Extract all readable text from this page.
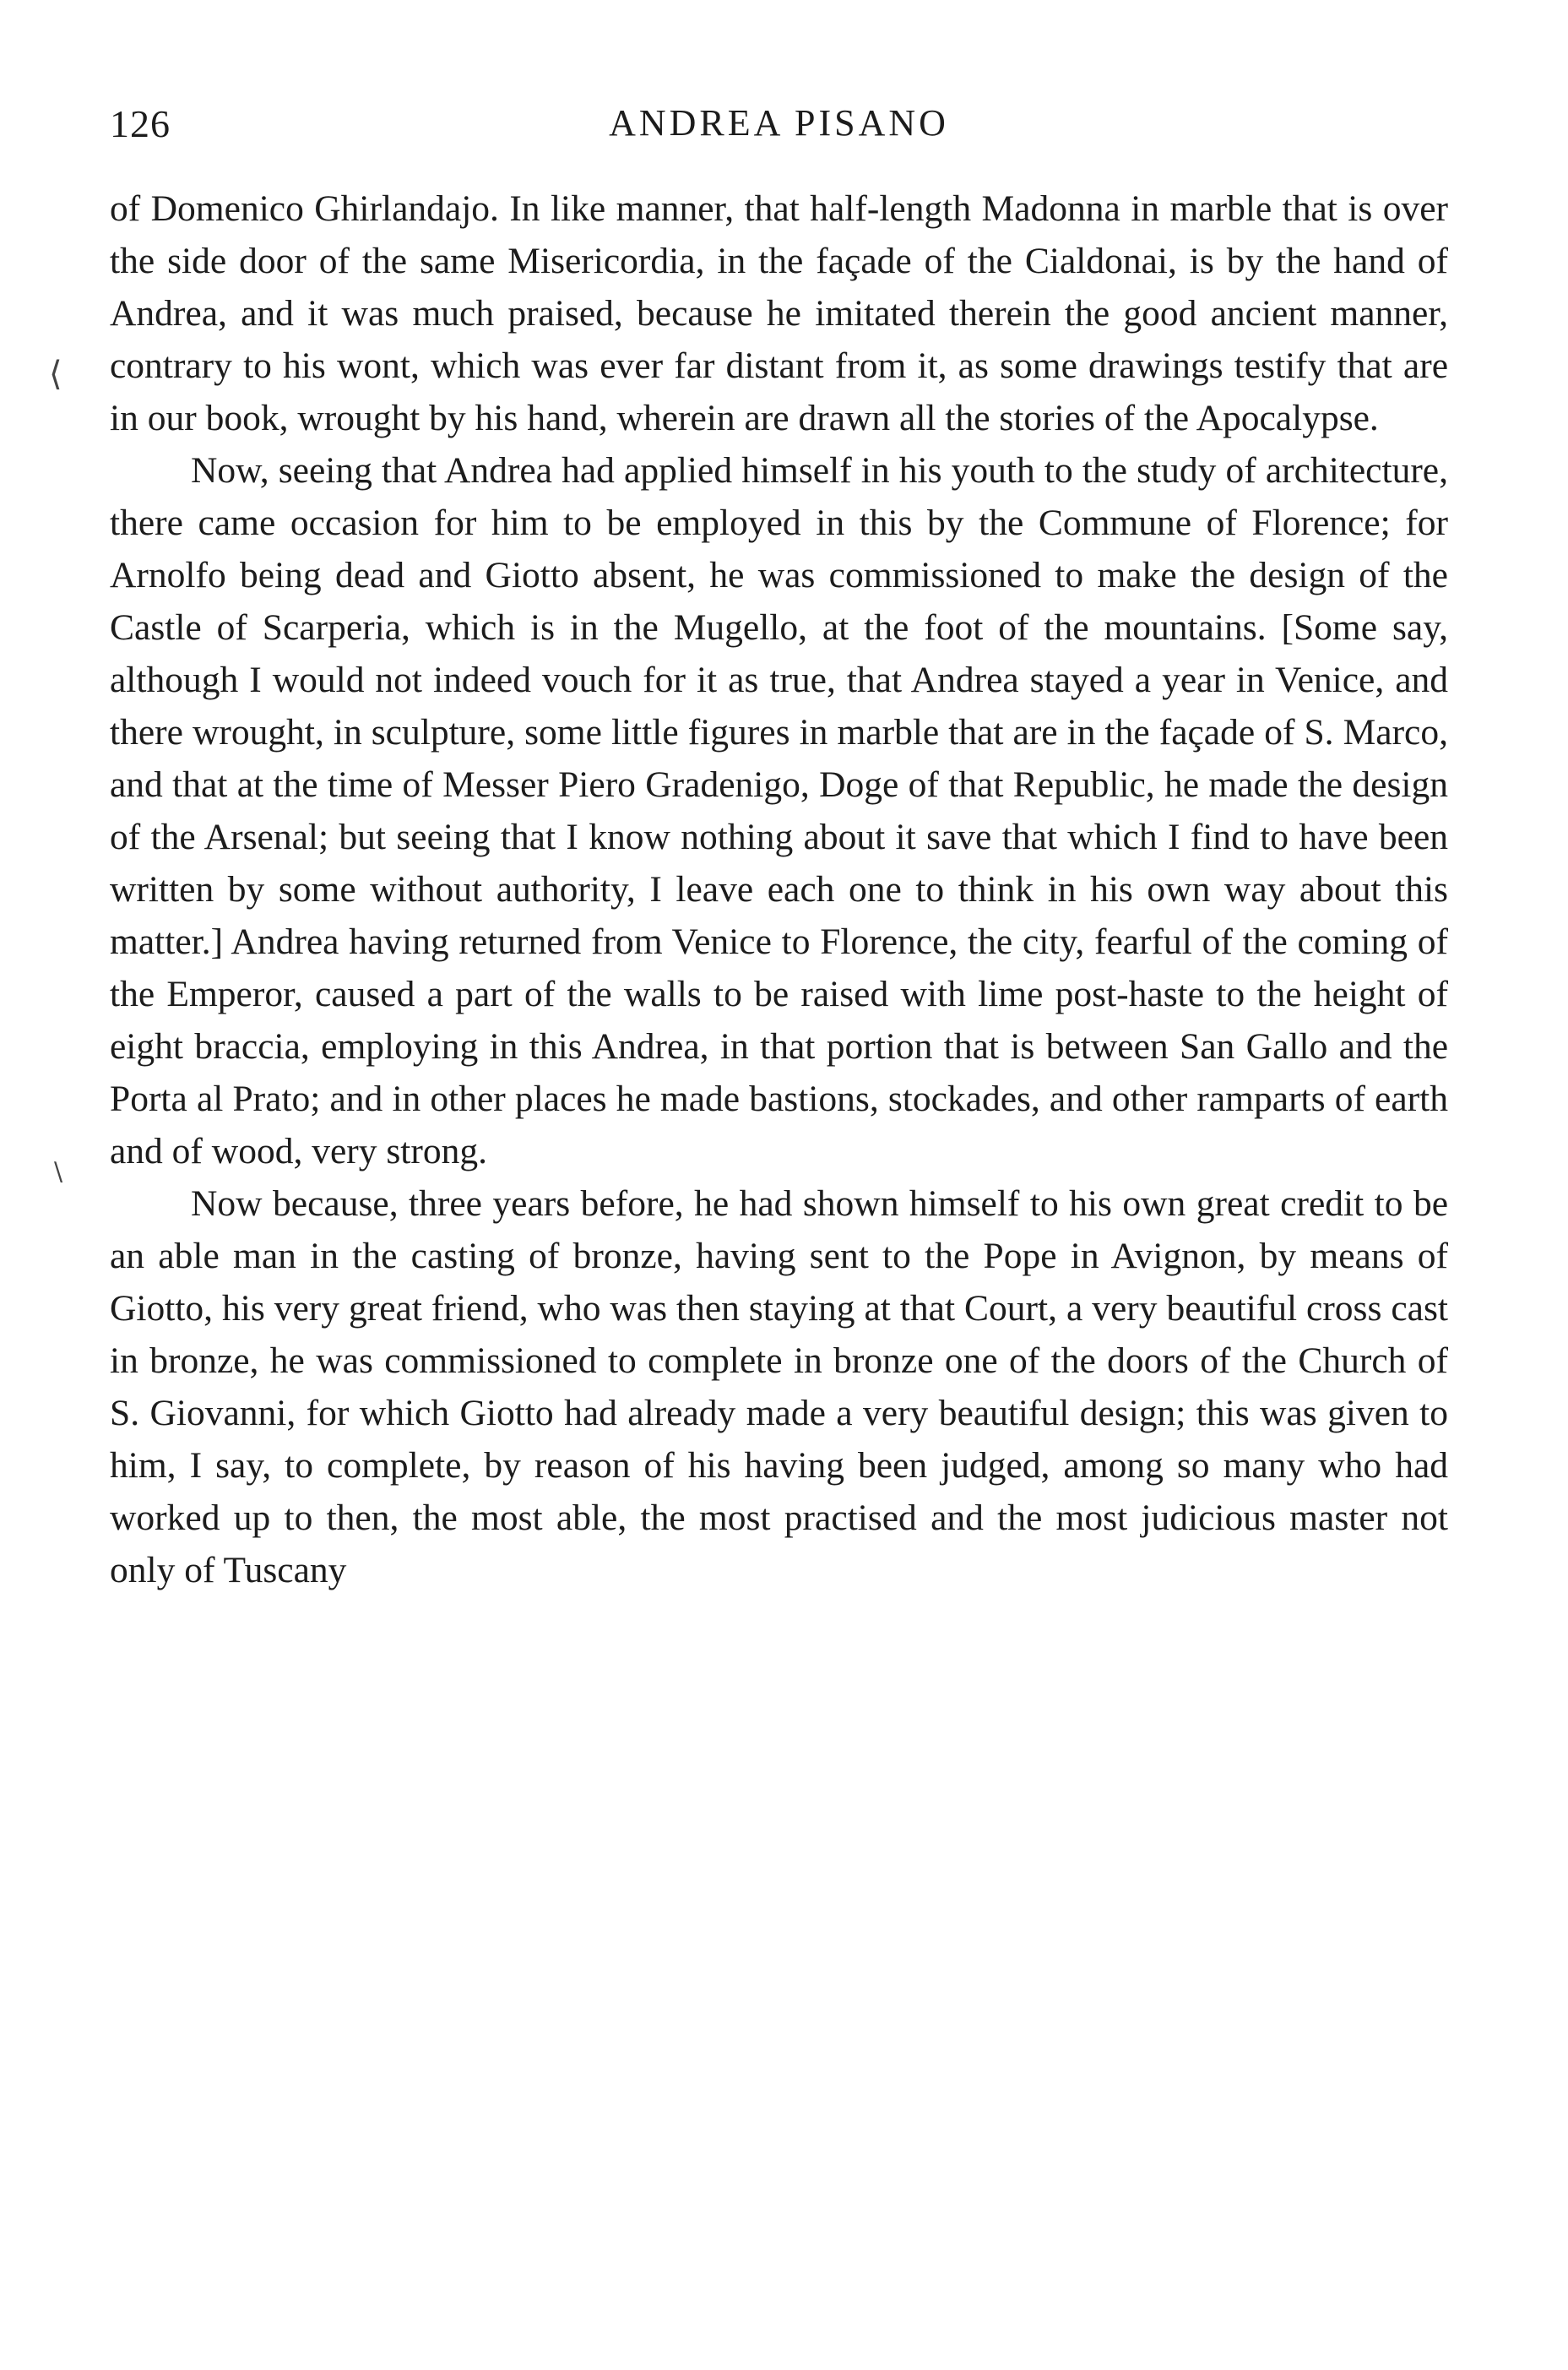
126	ANDREA PISANO
⟨
\

of Domenico Ghirlandajo. In like manner, that half-length Madonna in marble that is over the side door of the same Misericordia, in the façade of the Cialdonai, is by the hand of Andrea, and it was much praised, because he imitated therein the good ancient manner, contrary to his wont, which was ever far distant from it, as some drawings testify that are in our book, wrought by his hand, wherein are drawn all the stories of the Apocalypse.

Now, seeing that Andrea had applied himself in his youth to the study of architecture, there came occasion for him to be employed in this by the Commune of Florence; for Arnolfo being dead and Giotto absent, he was commissioned to make the design of the Castle of Scarperia, which is in the Mugello, at the foot of the mountains. [Some say, although I would not indeed vouch for it as true, that Andrea stayed a year in Venice, and there wrought, in sculpture, some little figures in marble that are in the façade of S. Marco, and that at the time of Messer Piero Gradenigo, Doge of that Republic, he made the design of the Arsenal; but seeing that I know nothing about it save that which I find to have been written by some without authority, I leave each one to think in his own way about this matter.] Andrea having returned from Venice to Florence, the city, fearful of the coming of the Emperor, caused a part of the walls to be raised with lime post-haste to the height of eight braccia, employing in this Andrea, in that portion that is between San Gallo and the Porta al Prato; and in other places he made bastions, stockades, and other ramparts of earth and of wood, very strong.

Now because, three years before, he had shown himself to his own great credit to be an able man in the casting of bronze, having sent to the Pope in Avignon, by means of Giotto, his very great friend, who was then staying at that Court, a very beautiful cross cast in bronze, he was commissioned to complete in bronze one of the doors of the Church of S. Giovanni, for which Giotto had already made a very beautiful design; this was given to him, I say, to complete, by reason of his having been judged, among so many who had worked up to then, the most able, the most practised and the most judicious master not only of Tuscany
